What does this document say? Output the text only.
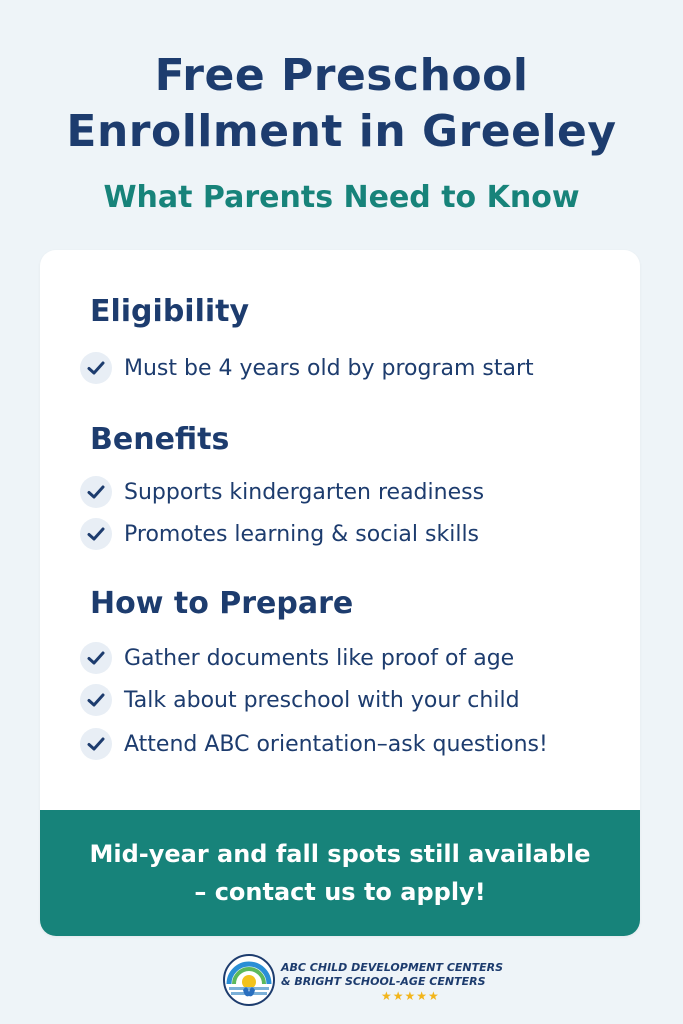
Free Preschool
Enrollment in Greeley
What Parents Need to Know
Eligibility
Must be 4 years old by program start
Benefits
Supports kindergarten readiness
Promotes learning & social skills
How to Prepare
Gather documents like proof of age
Talk about preschool with your child
Attend ABC orientation–ask questions!
Mid-year and fall spots still available
– contact us to apply!
ABC CHILD DEVELOPMENT CENTERS
& BRIGHT SCHOOL-AGE CENTERS
★★★★★
